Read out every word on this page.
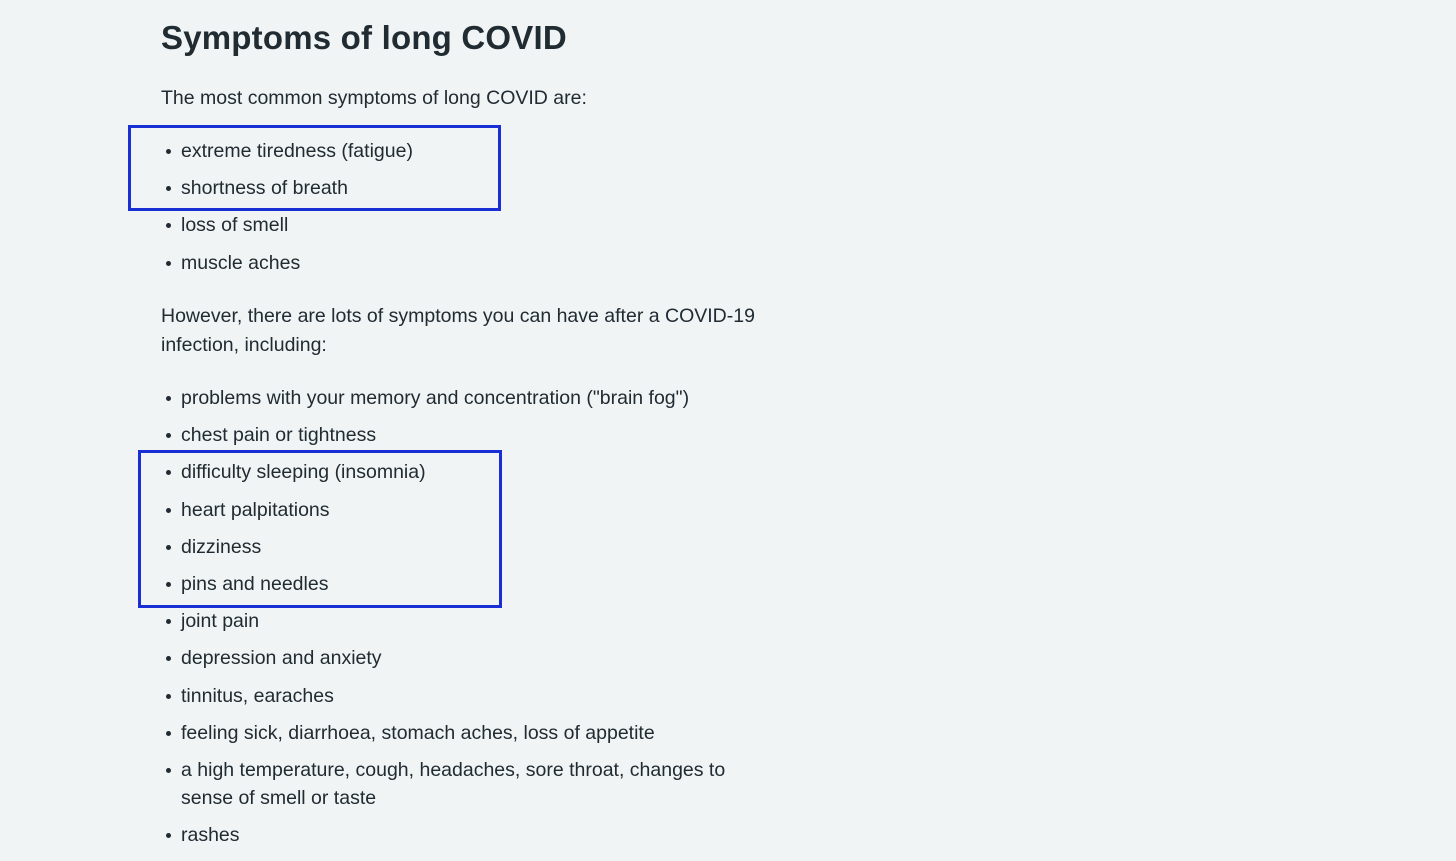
Symptoms of long COVID

The most common symptoms of long COVID are:

extreme tiredness (fatigue)
shortness of breath
loss of smell
muscle aches

However, there are lots of symptoms you can have after a COVID-19 infection, including:

problems with your memory and concentration ("brain fog")
chest pain or tightness
difficulty sleeping (insomnia)
heart palpitations
dizziness
pins and needles
joint pain
depression and anxiety
tinnitus, earaches
feeling sick, diarrhoea, stomach aches, loss of appetite
a high temperature, cough, headaches, sore throat, changes to sense of smell or taste
rashes
